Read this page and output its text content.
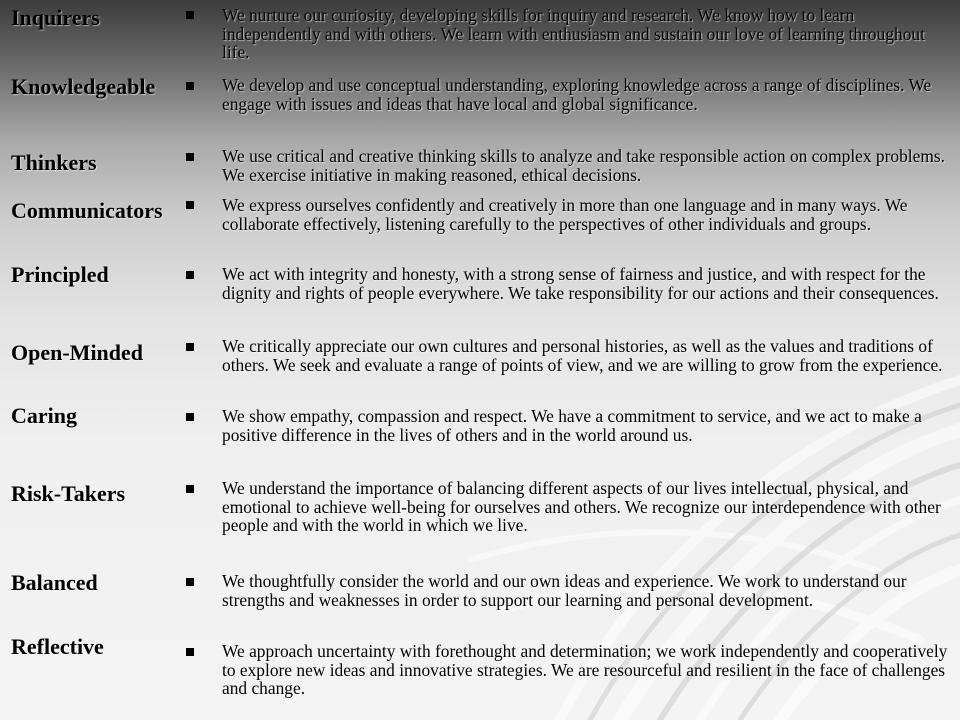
Inquirers	We nurture our curiosity, developing skills for inquiry and research. We know how to learn independently and with others. We learn with enthusiasm and sustain our love of learning throughout life.

Knowledgeable	We develop and use conceptual understanding, exploring knowledge across a range of disciplines. We engage with issues and ideas that have local and global significance.

Thinkers	We use critical and creative thinking skills to analyze and take responsible action on complex problems. We exercise initiative in making reasoned, ethical decisions.

Communicators	We express ourselves confidently and creatively in more than one language and in many ways. We collaborate effectively, listening carefully to the perspectives of other individuals and groups.

Principled	We act with integrity and honesty, with a strong sense of fairness and justice, and with respect for the dignity and rights of people everywhere. We take responsibility for our actions and their consequences.

Open-Minded	We critically appreciate our own cultures and personal histories, as well as the values and traditions of others. We seek and evaluate a range of points of view, and we are willing to grow from the experience.

Caring	We show empathy, compassion and respect. We have a commitment to service, and we act to make a positive difference in the lives of others and in the world around us.

Risk-Takers	We understand the importance of balancing different aspects of our lives intellectual, physical, and emotional to achieve well-being for ourselves and others. We recognize our interdependence with other people and with the world in which we live.

Balanced	We thoughtfully consider the world and our own ideas and experience. We work to understand our strengths and weaknesses in order to support our learning and personal development.

Reflective	We approach uncertainty with forethought and determination; we work independently and cooperatively to explore new ideas and innovative strategies. We are resourceful and resilient in the face of challenges and change.
